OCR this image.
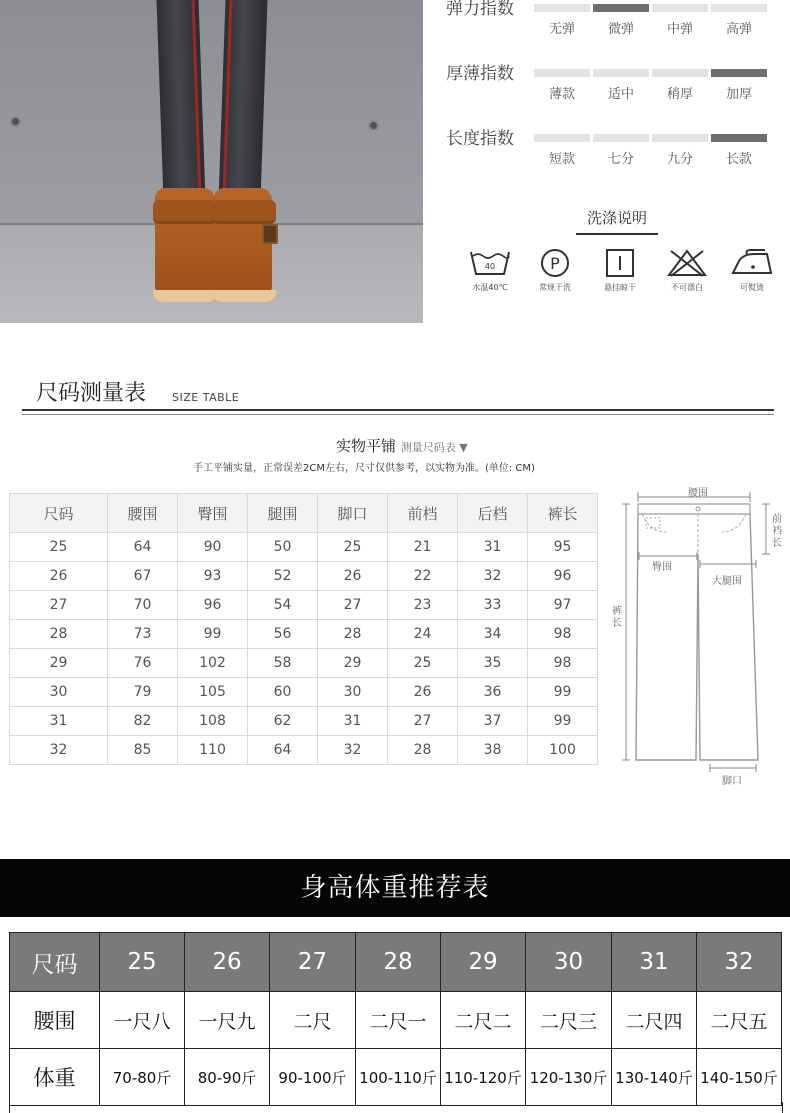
弹力指数
无弹	微弹	中弹	高弹
厚薄指数
薄款	适中	稍厚	加厚
长度指数
短款	七分	九分	长款
洗涤说明
40
水温40℃
P
常规干洗	悬挂晾干	不可漂白	可熨烫
尺码测量表 SIZE TABLE
实物平铺 测量尺码表 ▼
手工平铺实量，正常误差2CM左右，尺寸仅供参考，以实物为准。(单位: CM)
尺码	腰围	臀围	腿围	脚口	前档	后档	裤长
25	64	90	50	25	21	31	95
26	67	93	52	26	22	32	96
27	70	96	54	27	23	33	97
28	73	99	56	28	24	34	98
29	76	102	58	29	25	35	98
30	79	105	60	30	26	36	99
31	82	108	62	31	27	37	99
32	85	110	64	32	28	38	100
腰围
前
裆
长
臀围
大腿围
裤
长
脚口
身高体重推荐表
尺码	25	26	27	28	29	30	31	32
腰围	一尺八	一尺九	二尺	二尺一	二尺二	二尺三	二尺四	二尺五
体重	70-80斤	80-90斤	90-100斤	100-110斤	110-120斤	120-130斤	130-140斤	140-150斤
